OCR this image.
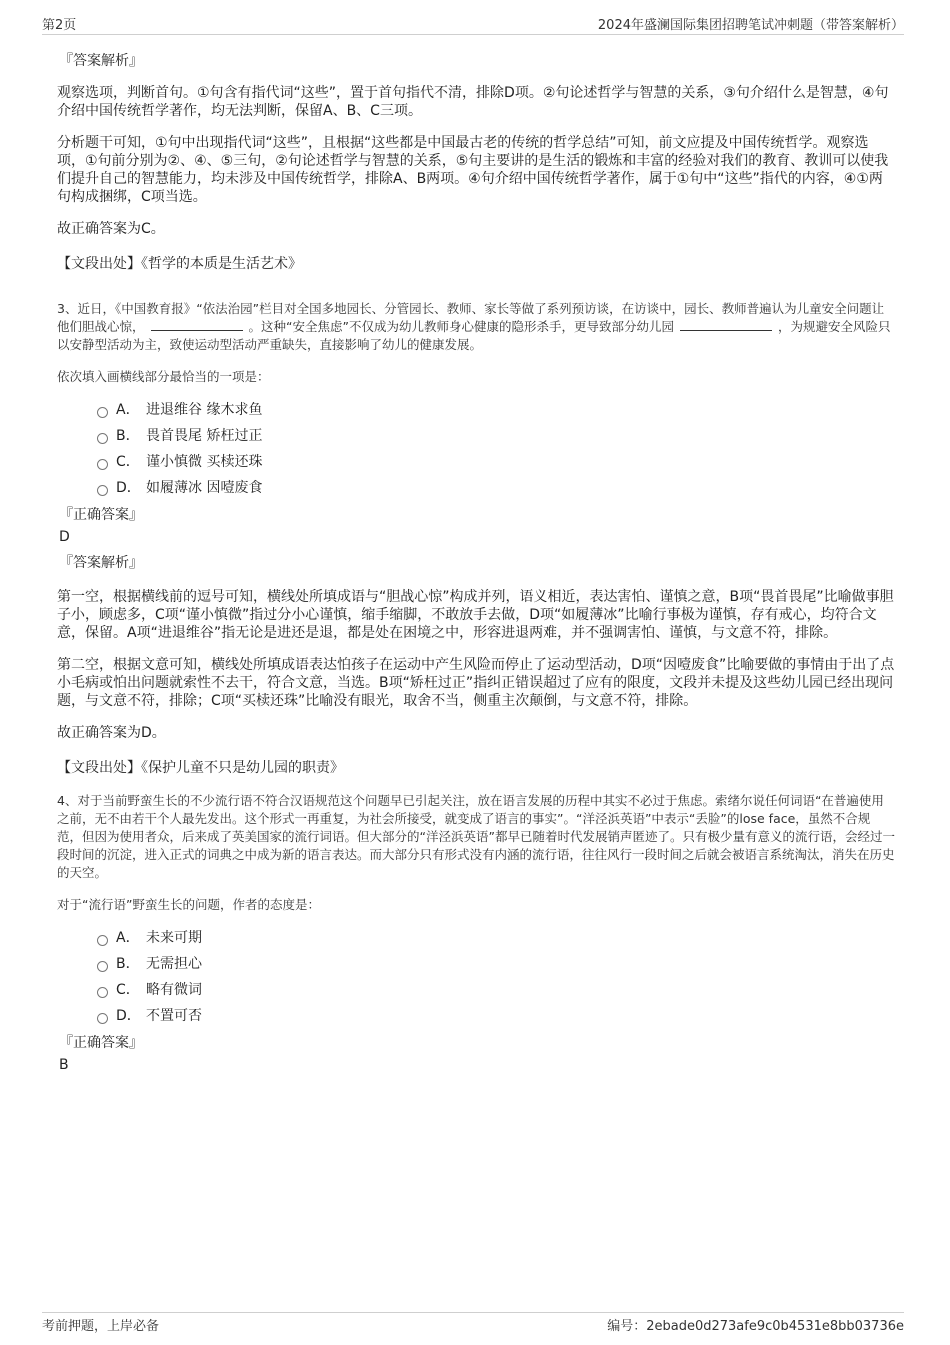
第2页	2024年盛澜国际集团招聘笔试冲刺题（带答案解析）
『答案解析』

观察选项，判断首句。①句含有指代词“这些”，置于首句指代不清，排除D项。②句论述哲学与智慧的关系，③句介绍什么是智慧，④句介绍中国传统哲学著作，均无法判断，保留A、B、C三项。

分析题干可知，①句中出现指代词“这些”，且根据“这些都是中国最古老的传统的哲学总结”可知，前文应提及中国传统哲学。观察选项，①句前分别为②、④、⑤三句，②句论述哲学与智慧的关系，⑤句主要讲的是生活的锻炼和丰富的经验对我们的教育、教训可以使我们提升自己的智慧能力，均未涉及中国传统哲学，排除A、B两项。④句介绍中国传统哲学著作，属于①句中“这些”指代的内容，④①两句构成捆绑，C项当选。

故正确答案为C。

【文段出处】《哲学的本质是生活艺术》

3、近日，《中国教育报》“依法治园”栏目对全国多地园长、分管园长、教师、家长等做了系列预访谈，在访谈中，园长、教师普遍认为儿童安全问题让他们胆战心惊，	。这种“安全焦虑”不仅成为幼儿教师身心健康的隐形杀手，更导致部分幼儿园	，为规避安全风险只以安静型活动为主，致使运动型活动严重缺失，直接影响了幼儿的健康发展。

依次填入画横线部分最恰当的一项是：

A． 进退维谷 缘木求鱼
B． 畏首畏尾 矫枉过正
C． 谨小慎微 买椟还珠
D． 如履薄冰 因噎废食
『正确答案』
D
『答案解析』

第一空，根据横线前的逗号可知，横线处所填成语与“胆战心惊”构成并列，语义相近，表达害怕、谨慎之意，B项“畏首畏尾”比喻做事胆子小，顾虑多，C项“谨小慎微”指过分小心谨慎，缩手缩脚，不敢放手去做，D项“如履薄冰”比喻行事极为谨慎，存有戒心，均符合文意，保留。A项“进退维谷”指无论是进还是退，都是处在困境之中，形容进退两难，并不强调害怕、谨慎，与文意不符，排除。

第二空，根据文意可知，横线处所填成语表达怕孩子在运动中产生风险而停止了运动型活动，D项“因噎废食”比喻要做的事情由于出了点小毛病或怕出问题就索性不去干，符合文意，当选。B项“矫枉过正”指纠正错误超过了应有的限度，文段并未提及这些幼儿园已经出现问题，与文意不符，排除；C项“买椟还珠”比喻没有眼光，取舍不当，侧重主次颠倒，与文意不符，排除。

故正确答案为D。

【文段出处】《保护儿童不只是幼儿园的职责》

4、对于当前野蛮生长的不少流行语不符合汉语规范这个问题早已引起关注，放在语言发展的历程中其实不必过于焦虑。索绪尔说任何词语“在普遍使用之前，无不由若干个人最先发出。这个形式一再重复，为社会所接受，就变成了语言的事实”。“洋泾浜英语”中表示“丢脸”的lose face，虽然不合规范，但因为使用者众，后来成了英美国家的流行词语。但大部分的“洋泾浜英语”都早已随着时代发展销声匿迹了。只有极少量有意义的流行语，会经过一段时间的沉淀，进入正式的词典之中成为新的语言表达。而大部分只有形式没有内涵的流行语，往往风行一段时间之后就会被语言系统淘汰，消失在历史的天空。

对于“流行语”野蛮生长的问题，作者的态度是：

A． 未来可期
B． 无需担心
C． 略有微词
D． 不置可否
『正确答案』
B
考前押题，上岸必备	编号：2ebade0d273afe9c0b4531e8bb03736e
